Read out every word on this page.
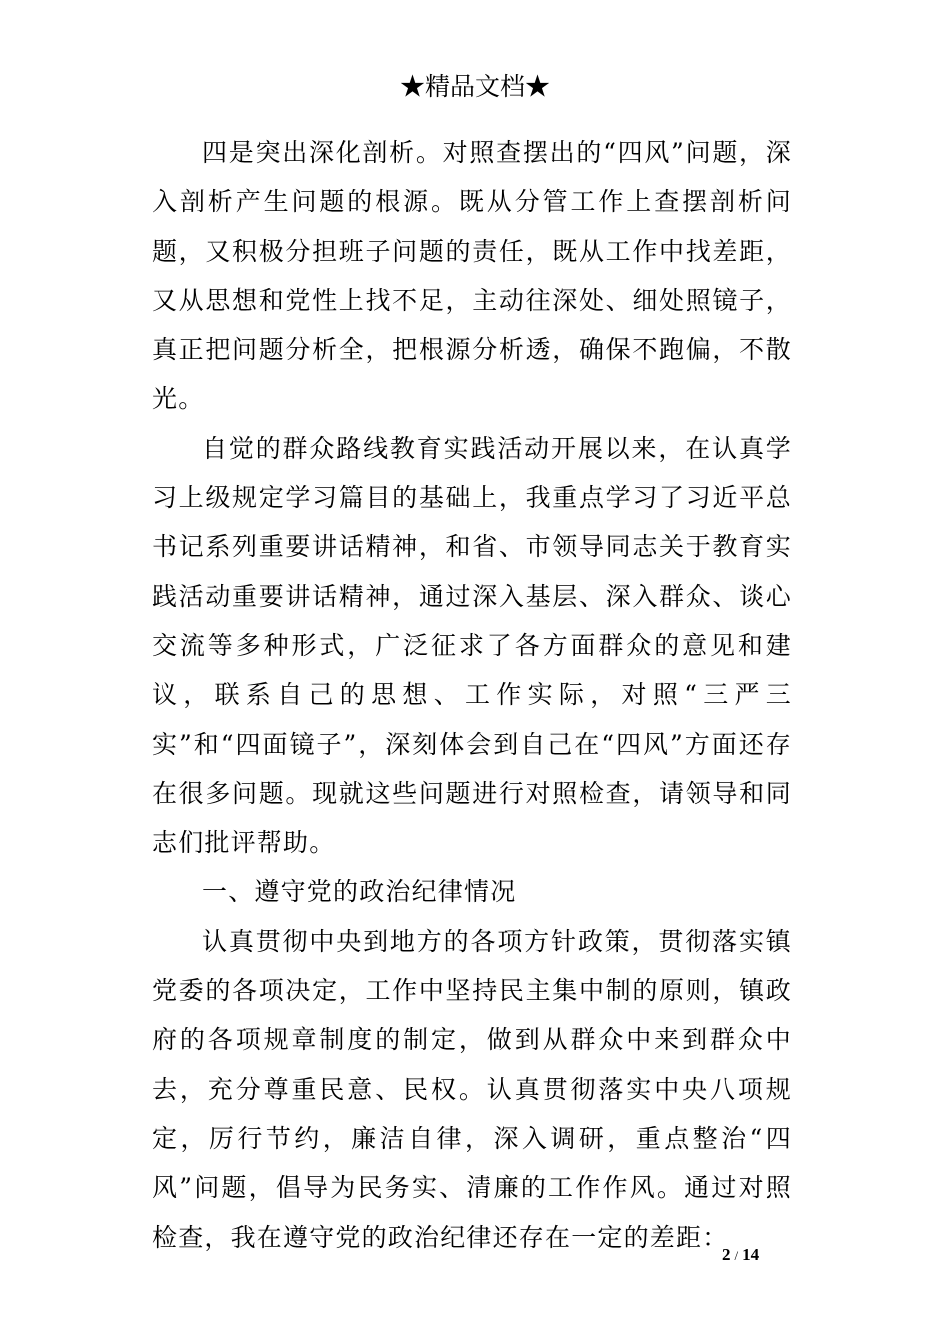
★精品文档★

四是突出深化剖析。对照查摆出的“四风”问题，深入剖析产生问题的根源。既从分管工作上查摆剖析问题，又积极分担班子问题的责任，既从工作中找差距，又从思想和党性上找不足，主动往深处、细处照镜子，真正把问题分析全，把根源分析透，确保不跑偏，不散光。

自觉的群众路线教育实践活动开展以来，在认真学习上级规定学习篇目的基础上，我重点学习了习近平总书记系列重要讲话精神，和省、市领导同志关于教育实践活动重要讲话精神，通过深入基层、深入群众、谈心交流等多种形式，广泛征求了各方面群众的意见和建议，联系自己的思想、工作实际，对照“三严三实”和“四面镜子”，深刻体会到自己在“四风”方面还存在很多问题。现就这些问题进行对照检查，请领导和同志们批评帮助。

一、遵守党的政治纪律情况

认真贯彻中央到地方的各项方针政策，贯彻落实镇党委的各项决定，工作中坚持民主集中制的原则，镇政府的各项规章制度的制定，做到从群众中来到群众中去，充分尊重民意、民权。认真贯彻落实中央八项规定，厉行节约，廉洁自律，深入调研，重点整治“四风”问题，倡导为民务实、清廉的工作作风。通过对照检查，我在遵守党的政治纪律还存在一定的差距：

2 / 14
